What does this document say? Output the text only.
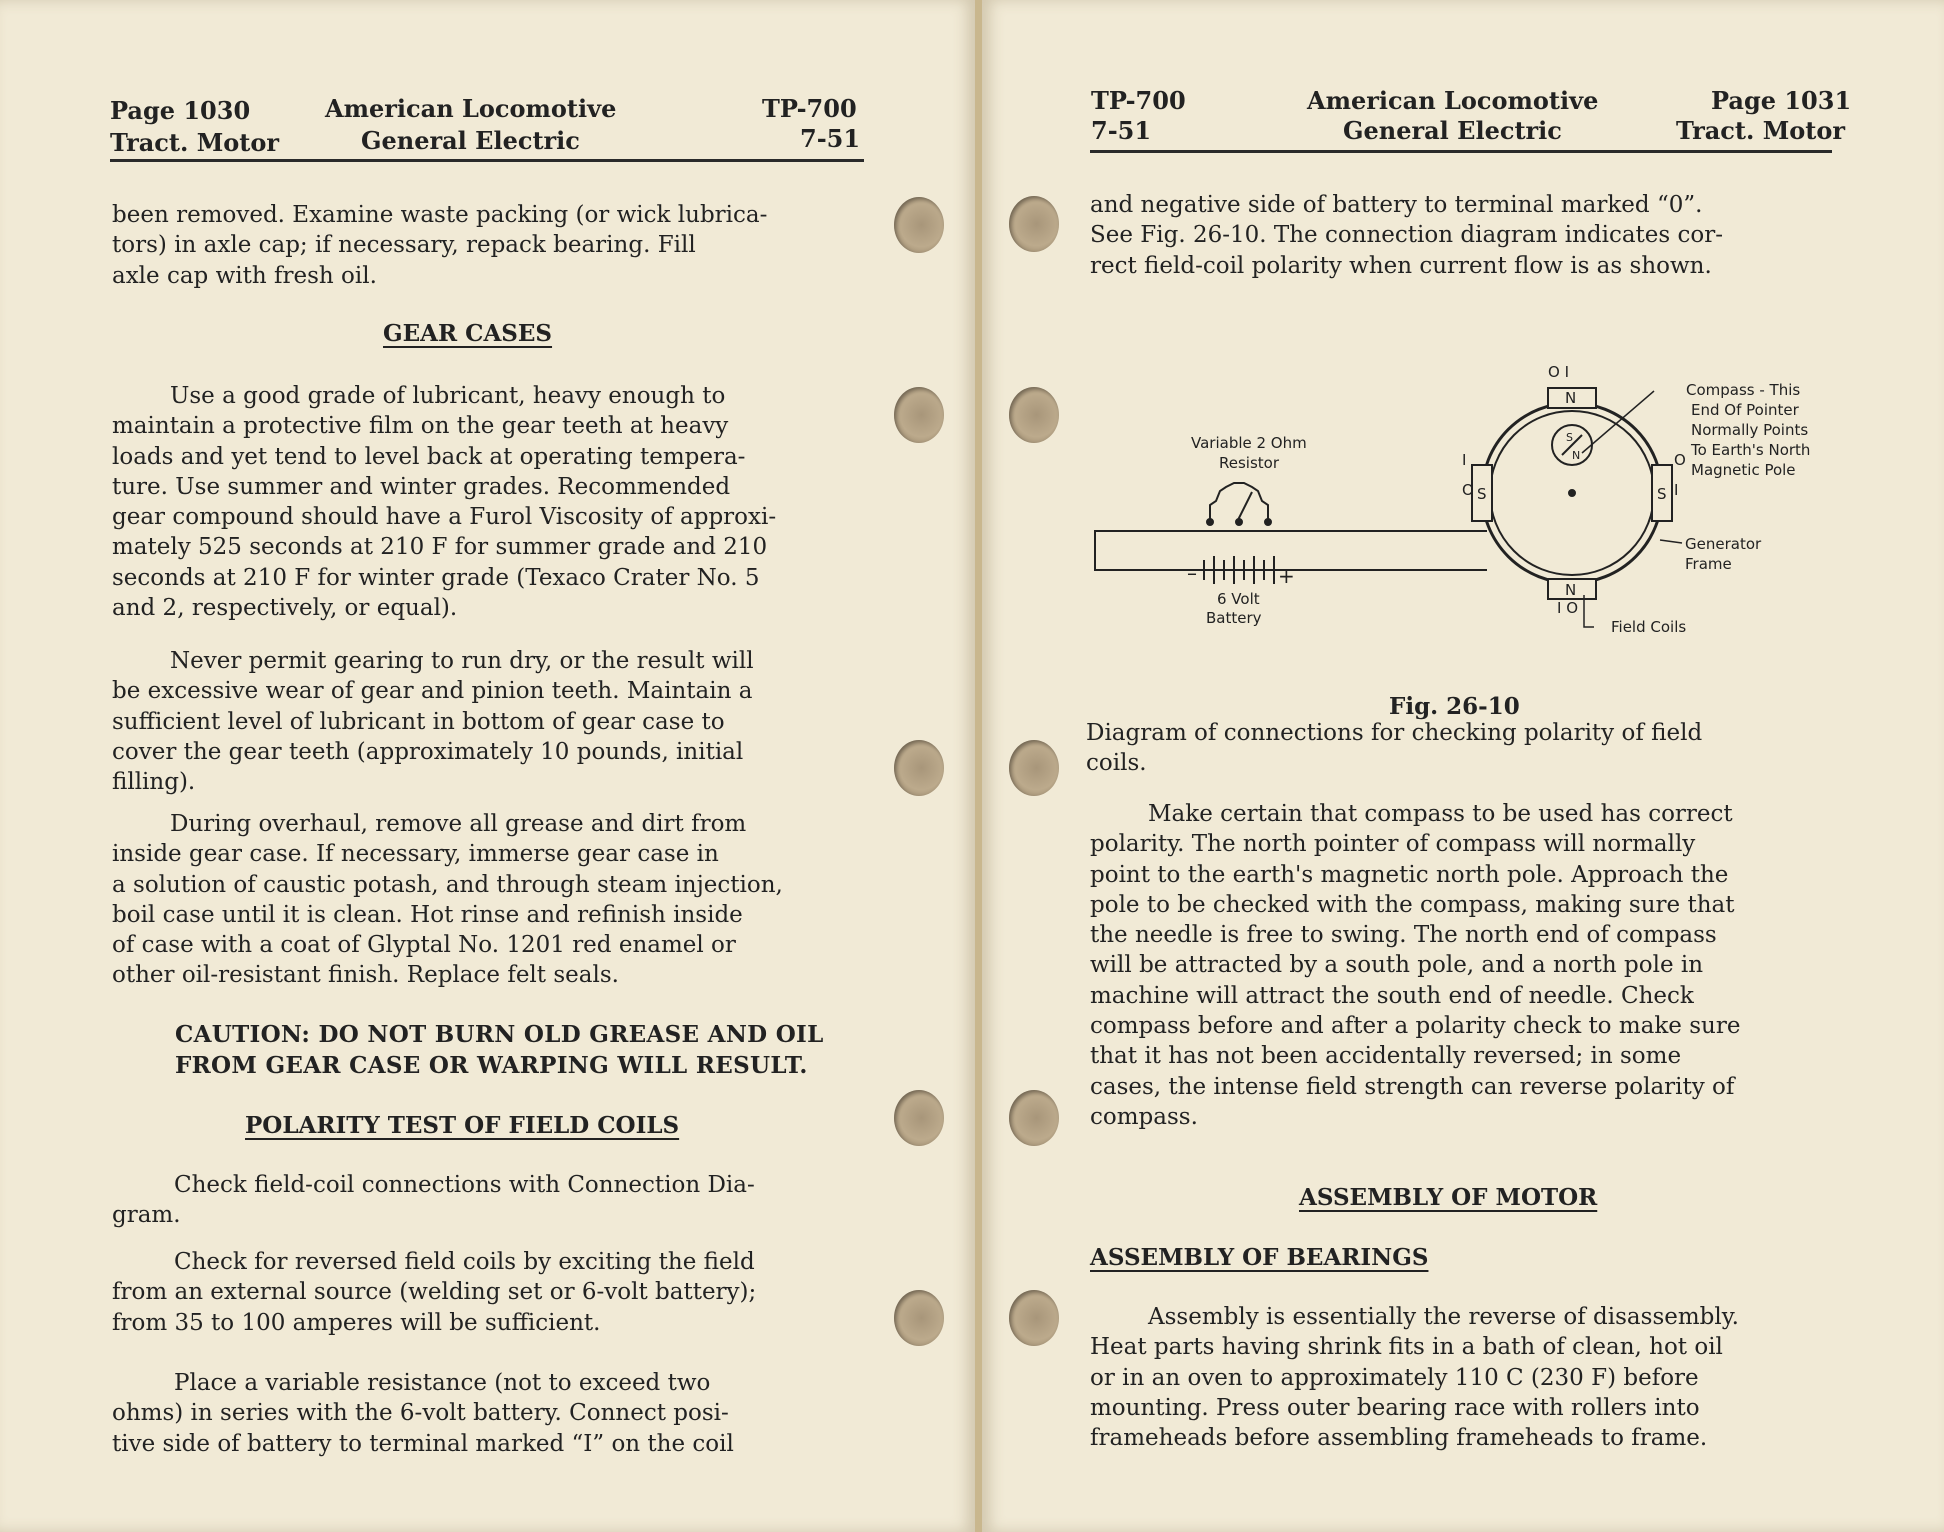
Page 1030
Tract. Motor
American Locomotive
General Electric
TP-700
7-51

been removed. Examine waste packing (or wick lubrica-

tors) in axle cap; if necessary, repack bearing. Fill

axle cap with fresh oil.

GEAR CASES

Use a good grade of lubricant, heavy enough to

maintain a protective film on the gear teeth at heavy

loads and yet tend to level back at operating tempera-

ture. Use summer and winter grades. Recommended

gear compound should have a Furol Viscosity of approxi-

mately 525 seconds at 210 F for summer grade and 210

seconds at 210 F for winter grade (Texaco Crater No. 5

and 2, respectively, or equal).

Never permit gearing to run dry, or the result will

be excessive wear of gear and pinion teeth. Maintain a

sufficient level of lubricant in bottom of gear case to

cover the gear teeth (approximately 10 pounds, initial

filling).

During overhaul, remove all grease and dirt from

inside gear case. If necessary, immerse gear case in

a solution of caustic potash, and through steam injection,

boil case until it is clean. Hot rinse and refinish inside

of case with a coat of Glyptal No. 1201 red enamel or

other oil-resistant finish. Replace felt seals.

CAUTION: DO NOT BURN OLD GREASE AND OIL
FROM GEAR CASE OR WARPING WILL RESULT.
POLARITY TEST OF FIELD COILS

Check field-coil connections with Connection Dia-

gram.

Check for reversed field coils by exciting the field

from an external source (welding set or 6-volt battery);

from 35 to 100 amperes will be sufficient.

Place a variable resistance (not to exceed two

ohms) in series with the 6-volt battery. Connect posi-

tive side of battery to terminal marked “I” on the coil

TP-700
7-51
American Locomotive
General Electric
Page 1031
Tract. Motor

and negative side of battery to terminal marked “0”.

See Fig. 26-10. The connection diagram indicates cor-

rect field-coil polarity when current flow is as shown.

Variable 2 Ohm
Resistor
–	+
6 Volt
Battery
O I
I O
I
O
O
I
N
N
S	S
S
N
Compass - This
End Of Pointer
Normally Points
To Earth's North
Magnetic Pole
Generator
Frame
Field Coils
Fig. 26-10

Diagram of connections for checking polarity of field

coils.

Make certain that compass to be used has correct

polarity. The north pointer of compass will normally

point to the earth's magnetic north pole. Approach the

pole to be checked with the compass, making sure that

the needle is free to swing. The north end of compass

will be attracted by a south pole, and a north pole in

machine will attract the south end of needle. Check

compass before and after a polarity check to make sure

that it has not been accidentally reversed; in some

cases, the intense field strength can reverse polarity of

compass.

ASSEMBLY OF MOTOR
ASSEMBLY OF BEARINGS

Assembly is essentially the reverse of disassembly.

Heat parts having shrink fits in a bath of clean, hot oil

or in an oven to approximately 110 C (230 F) before

mounting. Press outer bearing race with rollers into

frameheads before assembling frameheads to frame.
